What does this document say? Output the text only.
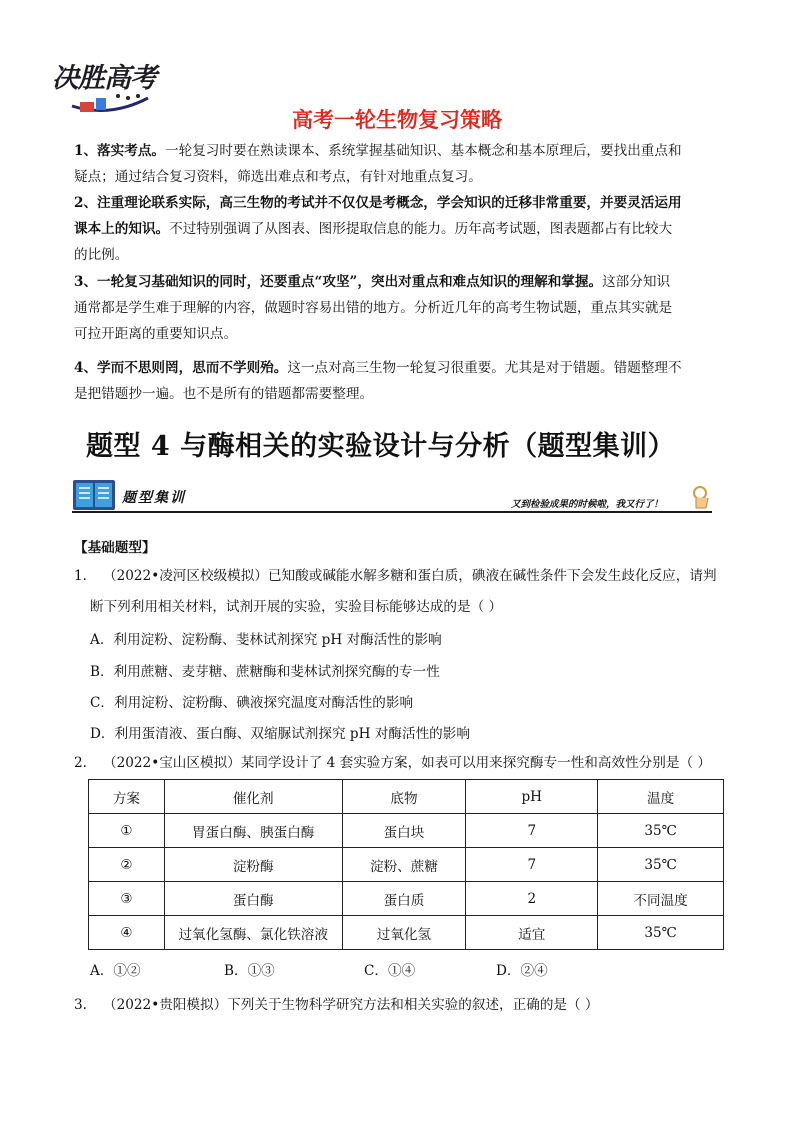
决胜高考
高考一轮生物复习策略
1、落实考点。一轮复习时要在熟读课本、系统掌握基础知识、基本概念和基本原理后，要找出重点和
疑点；通过结合复习资料，筛选出难点和考点，有针对地重点复习。
2、注重理论联系实际，高三生物的考试并不仅仅是考概念，学会知识的迁移非常重要，并要灵活运用
课本上的知识。不过特别强调了从图表、图形提取信息的能力。历年高考试题，图表题都占有比较大
的比例。
3、一轮复习基础知识的同时，还要重点“攻坚”，突出对重点和难点知识的理解和掌握。这部分知识
通常都是学生难于理解的内容，做题时容易出错的地方。分析近几年的高考生物试题，重点其实就是
可拉开距离的重要知识点。
4、学而不思则罔，思而不学则殆。这一点对高三生物一轮复习很重要。尤其是对于错题。错题整理不
是把错题抄一遍。也不是所有的错题都需要整理。
题型 4 与酶相关的实验设计与分析（题型集训）
题型集训	又到检验成果的时候啦，我又行了！
【基础题型】
1. （2022•凌河区校级模拟）已知酸或碱能水解多糖和蛋白质，碘液在碱性条件下会发生歧化反应，请判
断下列利用相关材料，试剂开展的实验，实验目标能够达成的是（ ）
A．利用淀粉、淀粉酶、斐林试剂探究 pH 对酶活性的影响
B．利用蔗糖、麦芽糖、蔗糖酶和斐林试剂探究酶的专一性
C．利用淀粉、淀粉酶、碘液探究温度对酶活性的影响
D．利用蛋清液、蛋白酶、双缩脲试剂探究 pH 对酶活性的影响
2. （2022•宝山区模拟）某同学设计了 4 套实验方案，如表可以用来探究酶专一性和高效性分别是（ ）
方案	催化剂	底物	pH	温度
①	胃蛋白酶、胰蛋白酶	蛋白块	7	35℃
②	淀粉酶	淀粉、蔗糖	7	35℃
③	蛋白酶	蛋白质	2	不同温度
④	过氧化氢酶、氯化铁溶液	过氧化氢	适宜	35℃
A．①②	B．①③	C．①④	D．②④
3. （2022•贵阳模拟）下列关于生物科学研究方法和相关实验的叙述，正确的是（ ）
